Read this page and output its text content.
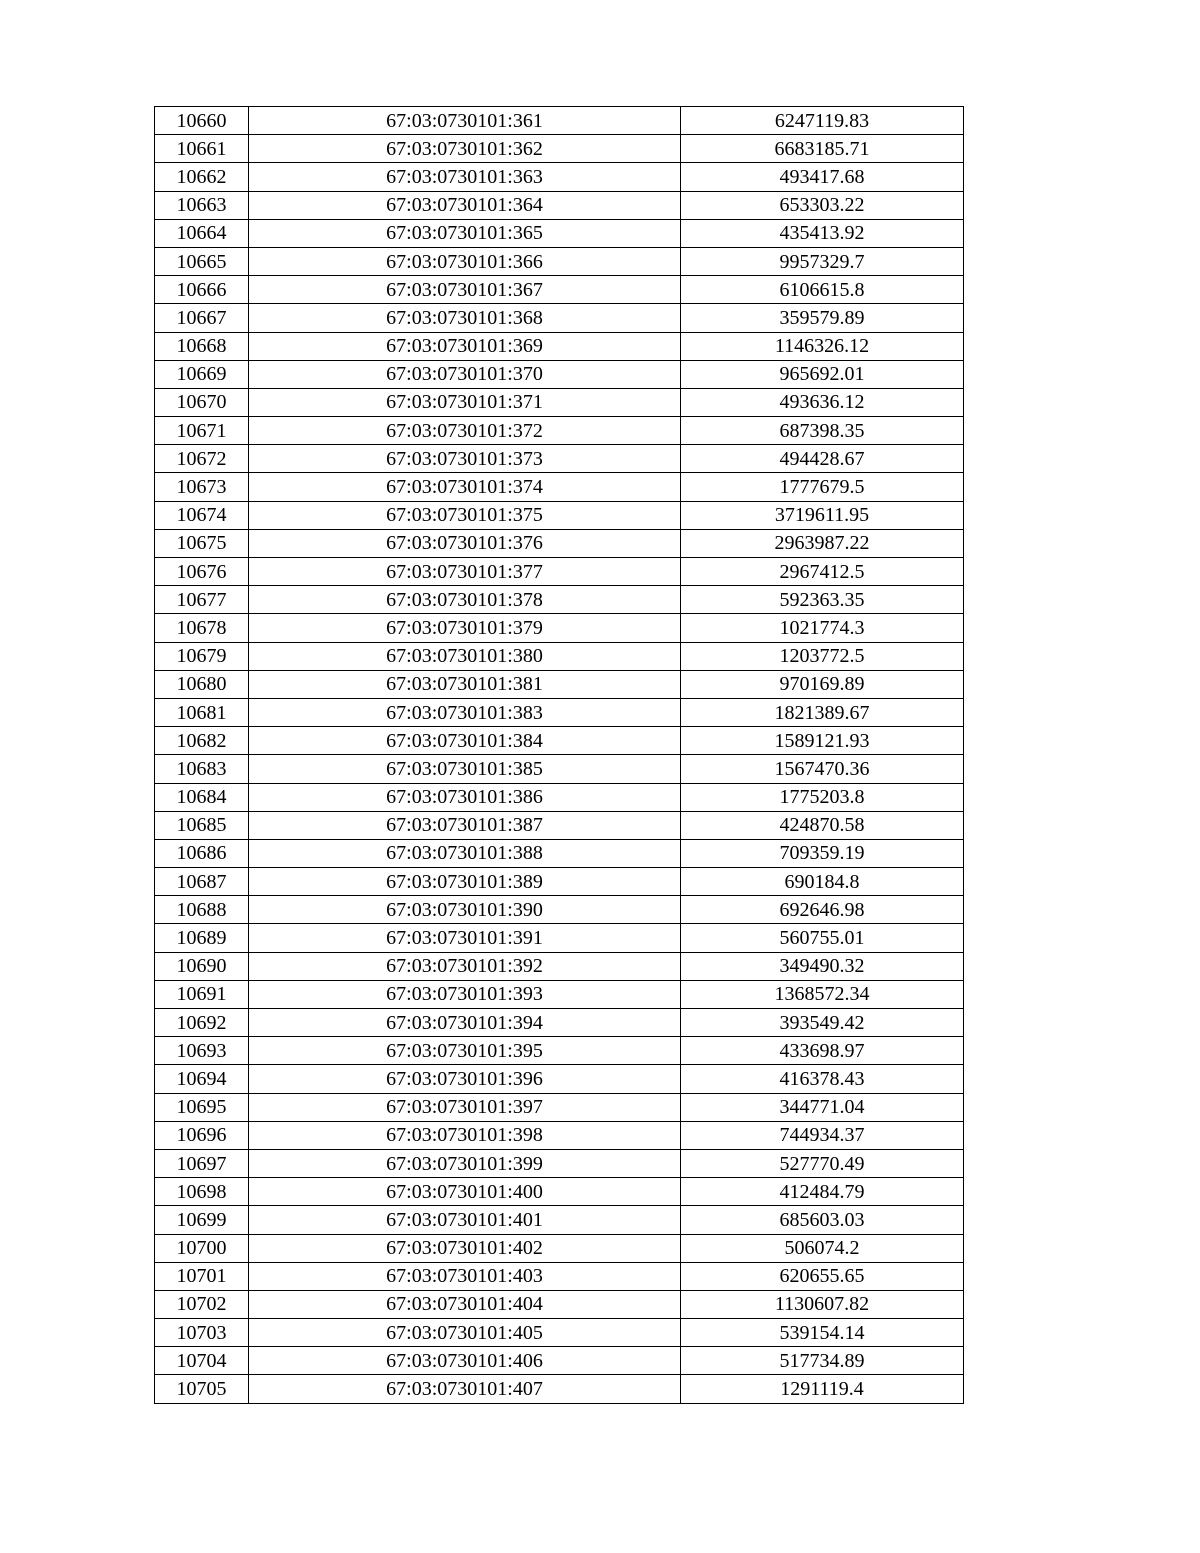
10660	67:03:0730101:361	6247119.83
10661	67:03:0730101:362	6683185.71
10662	67:03:0730101:363	493417.68
10663	67:03:0730101:364	653303.22
10664	67:03:0730101:365	435413.92
10665	67:03:0730101:366	9957329.7
10666	67:03:0730101:367	6106615.8
10667	67:03:0730101:368	359579.89
10668	67:03:0730101:369	1146326.12
10669	67:03:0730101:370	965692.01
10670	67:03:0730101:371	493636.12
10671	67:03:0730101:372	687398.35
10672	67:03:0730101:373	494428.67
10673	67:03:0730101:374	1777679.5
10674	67:03:0730101:375	3719611.95
10675	67:03:0730101:376	2963987.22
10676	67:03:0730101:377	2967412.5
10677	67:03:0730101:378	592363.35
10678	67:03:0730101:379	1021774.3
10679	67:03:0730101:380	1203772.5
10680	67:03:0730101:381	970169.89
10681	67:03:0730101:383	1821389.67
10682	67:03:0730101:384	1589121.93
10683	67:03:0730101:385	1567470.36
10684	67:03:0730101:386	1775203.8
10685	67:03:0730101:387	424870.58
10686	67:03:0730101:388	709359.19
10687	67:03:0730101:389	690184.8
10688	67:03:0730101:390	692646.98
10689	67:03:0730101:391	560755.01
10690	67:03:0730101:392	349490.32
10691	67:03:0730101:393	1368572.34
10692	67:03:0730101:394	393549.42
10693	67:03:0730101:395	433698.97
10694	67:03:0730101:396	416378.43
10695	67:03:0730101:397	344771.04
10696	67:03:0730101:398	744934.37
10697	67:03:0730101:399	527770.49
10698	67:03:0730101:400	412484.79
10699	67:03:0730101:401	685603.03
10700	67:03:0730101:402	506074.2
10701	67:03:0730101:403	620655.65
10702	67:03:0730101:404	1130607.82
10703	67:03:0730101:405	539154.14
10704	67:03:0730101:406	517734.89
10705	67:03:0730101:407	1291119.4
